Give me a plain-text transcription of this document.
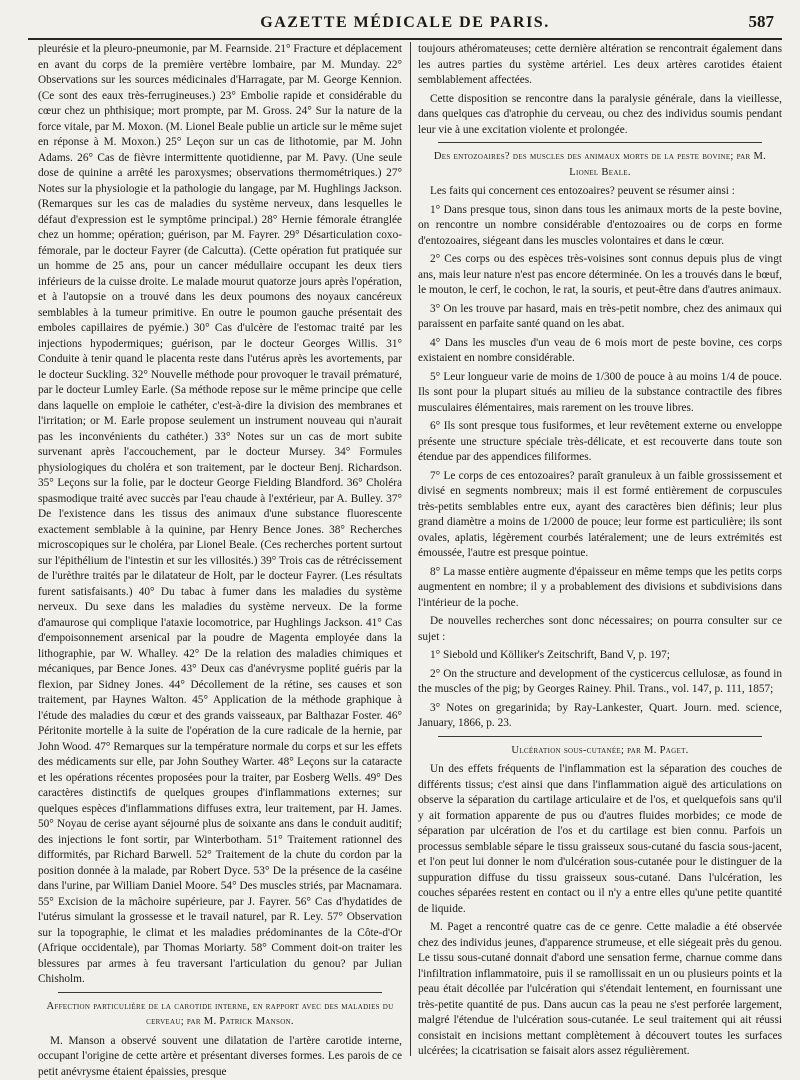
GAZETTE MÉDICALE DE PARIS.	587

pleurésie et la pleuro-pneumonie, par M. Fearnside. 21° Fracture et déplacement en avant du corps de la première vertèbre lombaire, par M. Munday. 22° Observations sur les sources médicinales d'Harragate, par M. George Kennion. (Ce sont des eaux très-ferrugineuses.) 23° Embolie rapide et considérable du cœur chez un phthisique; mort prompte, par M. Gross. 24° Sur la nature de la force vitale, par M. Moxon. (M. Lionel Beale publie un article sur le même sujet en réponse à M. Moxon.) 25° Leçon sur un cas de lithotomie, par M. John Adams. 26° Cas de fièvre intermittente quotidienne, par M. Pavy. (Une seule dose de quinine a arrêté les paroxysmes; observations thermométriques.) 27° Notes sur la physiologie et la pathologie du langage, par M. Hughlings Jackson. (Remarques sur les cas de maladies du système nerveux, dans lesquelles le défaut d'expression est le symptôme principal.) 28° Hernie fémorale étranglée chez un homme; opération; guérison, par M. Fayrer. 29° Désarticulation coxo-fémorale, par le docteur Fayrer (de Calcutta). (Cette opération fut pratiquée sur un homme de 25 ans, pour un cancer médullaire occupant les deux tiers inférieurs de la cuisse droite. Le malade mourut quatorze jours après l'opération, et à l'autopsie on a trouvé dans les deux poumons des noyaux cancéreux semblables à la tumeur primitive. En outre le poumon gauche présentait des emboles capillaires de pyémie.) 30° Cas d'ulcère de l'estomac traité par les injections hypodermiques; guérison, par le docteur Georges Willis. 31° Conduite à tenir quand le placenta reste dans l'utérus après les avortements, par le docteur Suckling. 32° Nouvelle méthode pour provoquer le travail prématuré, par le docteur Lumley Earle. (Sa méthode repose sur le même principe que celle dans laquelle on emploie le cathéter, c'est-à-dire la division des membranes et l'irritation; or M. Earle propose seulement un instrument nouveau qui n'aurait pas les inconvénients du cathéter.) 33° Notes sur un cas de mort subite survenant après l'accouchement, par le docteur Mursey. 34° Formules physiologiques du choléra et son traitement, par le docteur Benj. Richardson. 35° Leçons sur la folie, par le docteur George Fielding Blandford. 36° Choléra spasmodique traité avec succès par l'eau chaude à l'extérieur, par A. Bulley. 37° De l'existence dans les tissus des animaux d'une substance fluorescente exactement semblable à la quinine, par Henry Bence Jones. 38° Recherches microscopiques sur le choléra, par Lionel Beale. (Ces recherches portent surtout sur l'épithélium de l'intestin et sur les villosités.) 39° Trois cas de rétrécissement de l'urèthre traités par le dilatateur de Holt, par le docteur Fayrer. (Les résultats furent satisfaisants.) 40° Du tabac à fumer dans les maladies du système nerveux. Du sexe dans les maladies du système nerveux. De la forme d'amaurose qui complique l'ataxie locomotrice, par Hughlings Jackson. 41° Cas d'empoisonnement arsenical par la poudre de Magenta employée dans la lithographie, par W. Whalley. 42° De la relation des maladies chimiques et mécaniques, par Bence Jones. 43° Deux cas d'anévrysme poplité guéris par la flexion, par Sidney Jones. 44° Décollement de la rétine, ses causes et son traitement, par Haynes Walton. 45° Application de la méthode graphique à l'étude des maladies du cœur et des grands vaisseaux, par Balthazar Foster. 46° Péritonite mortelle à la suite de l'opération de la cure radicale de la hernie, par John Wood. 47° Remarques sur la température normale du corps et sur les effets des médicaments sur elle, par John Southey Warter. 48° Leçons sur la cataracte et les opérations récentes proposées pour la traiter, par Eosberg Wells. 49° Des caractères distinctifs de quelques groupes d'inflammations externes; sur quelques espèces d'inflammations diffuses extra, leur traitement, par H. James. 50° Noyau de cerise ayant séjourné plus de soixante ans dans le conduit auditif; des injections le font sortir, par Winterbotham. 51° Traitement rationnel des difformités, par Richard Barwell. 52° Traitement de la chute du cordon par la position donnée à la malade, par Robert Dyce. 53° De la présence de la caséine dans l'urine, par William Daniel Moore. 54° Des muscles striés, par Macnamara. 55° Excision de la mâchoire supérieure, par J. Fayrer. 56° Cas d'hydatides de l'utérus simulant la grossesse et le travail naturel, par R. Ley. 57° Observation sur la topographie, le climat et les maladies prédominantes de la Côte-d'Or (Afrique occidentale), par Thomas Moriarty. 58° Comment doit-on traiter les blessures par armes à feu traversant l'articulation du genou? par Julian Chisholm.

Affection particulière de la carotide interne, en rapport avec des maladies du cerveau; par M. Patrick Manson.

M. Manson a observé souvent une dilatation de l'artère carotide interne, occupant l'origine de cette artère et présentant diverses formes. Les parois de ce petit anévrysme étaient épaissies, presque

toujours athéromateuses; cette dernière altération se rencontrait également dans les autres parties du système artériel. Les deux artères carotides étaient semblablement affectées.

Cette disposition se rencontre dans la paralysie générale, dans la vieillesse, dans quelques cas d'atrophie du cerveau, ou chez des individus soumis pendant leur vie à une excitation violente et prolongée.

Des entozoaires? des muscles des animaux morts de la peste bovine; par M. Lionel Beale.

Les faits qui concernent ces entozoaires? peuvent se résumer ainsi :

1° Dans presque tous, sinon dans tous les animaux morts de la peste bovine, on rencontre un nombre considérable d'entozoaires ou de corps en forme d'entozoaires, siégeant dans les muscles volontaires et dans le cœur.

2° Ces corps ou des espèces très-voisines sont connus depuis plus de vingt ans, mais leur nature n'est pas encore déterminée. On les a trouvés dans le bœuf, le mouton, le cerf, le cochon, le rat, la souris, et peut-être dans d'autres animaux.

3° On les trouve par hasard, mais en très-petit nombre, chez des animaux qui paraissent en parfaite santé quand on les abat.

4° Dans les muscles d'un veau de 6 mois mort de peste bovine, ces corps existaient en nombre considérable.

5° Leur longueur varie de moins de 1/300 de pouce à au moins 1/4 de pouce. Ils sont pour la plupart situés au milieu de la substance contractile des fibres musculaires élémentaires, mais rarement on les trouve libres.

6° Ils sont presque tous fusiformes, et leur revêtement externe ou enveloppe présente une structure spéciale très-délicate, et est recouverte dans toute son étendue par des appendices filiformes.

7° Le corps de ces entozoaires? paraît granuleux à un faible grossissement et divisé en segments nombreux; mais il est formé entièrement de corpuscules très-petits semblables entre eux, ayant des caractères bien définis; leur plus grand diamètre a moins de 1/2000 de pouce; leur forme est particulière; ils sont ovales, aplatis, légèrement courbés latéralement; une de leurs extrémités est émoussée, l'autre est presque pointue.

8° La masse entière augmente d'épaisseur en même temps que les petits corps augmentent en nombre; il y a probablement des divisions et subdivisions dans l'intérieur de la poche.

De nouvelles recherches sont donc nécessaires; on pourra consulter sur ce sujet :

1° Siebold und Kölliker's Zeitschrift, Band V, p. 197;

2° On the structure and development of the cysticercus cellulosæ, as found in the muscles of the pig; by Georges Rainey. Phil. Trans., vol. 147, p. 111, 1857;

3° Notes on gregarinida; by Ray-Lankester, Quart. Journ. med. science, January, 1866, p. 23.

Ulcération sous-cutanée; par M. Paget.

Un des effets fréquents de l'inflammation est la séparation des couches de différents tissus; c'est ainsi que dans l'inflammation aiguë des articulations on observe la séparation du cartilage articulaire et de l'os, et quelquefois sans qu'il y ait formation apparente de pus ou d'autres fluides morbides; ce mode de séparation par ulcération de l'os et du cartilage est bien connu. Parfois un processus semblable sépare le tissu graisseux sous-cutané du fascia sous-jacent, et l'on peut lui donner le nom d'ulcération sous-cutanée pour le distinguer de la suppuration diffuse du tissu graisseux sous-cutané. Dans l'ulcération, les couches séparées restent en contact ou il n'y a entre elles qu'une petite quantité de liquide.

M. Paget a rencontré quatre cas de ce genre. Cette maladie a été observée chez des individus jeunes, d'apparence strumeuse, et elle siégeait près du genou. Le tissu sous-cutané donnait d'abord une sensation ferme, charnue comme dans l'infiltration inflammatoire, puis il se ramollissait en un ou plusieurs points et la peau était décollée par l'ulcération qui s'étendait lentement, en fournissant une très-petite quantité de pus. Dans aucun cas la peau ne s'est perforée largement, malgré l'étendue de l'ulcération sous-cutanée. Le seul traitement qui ait réussi consistait en incisions mettant complètement à découvert toutes les surfaces ulcérées; la cicatrisation se faisait alors assez régulièrement.
